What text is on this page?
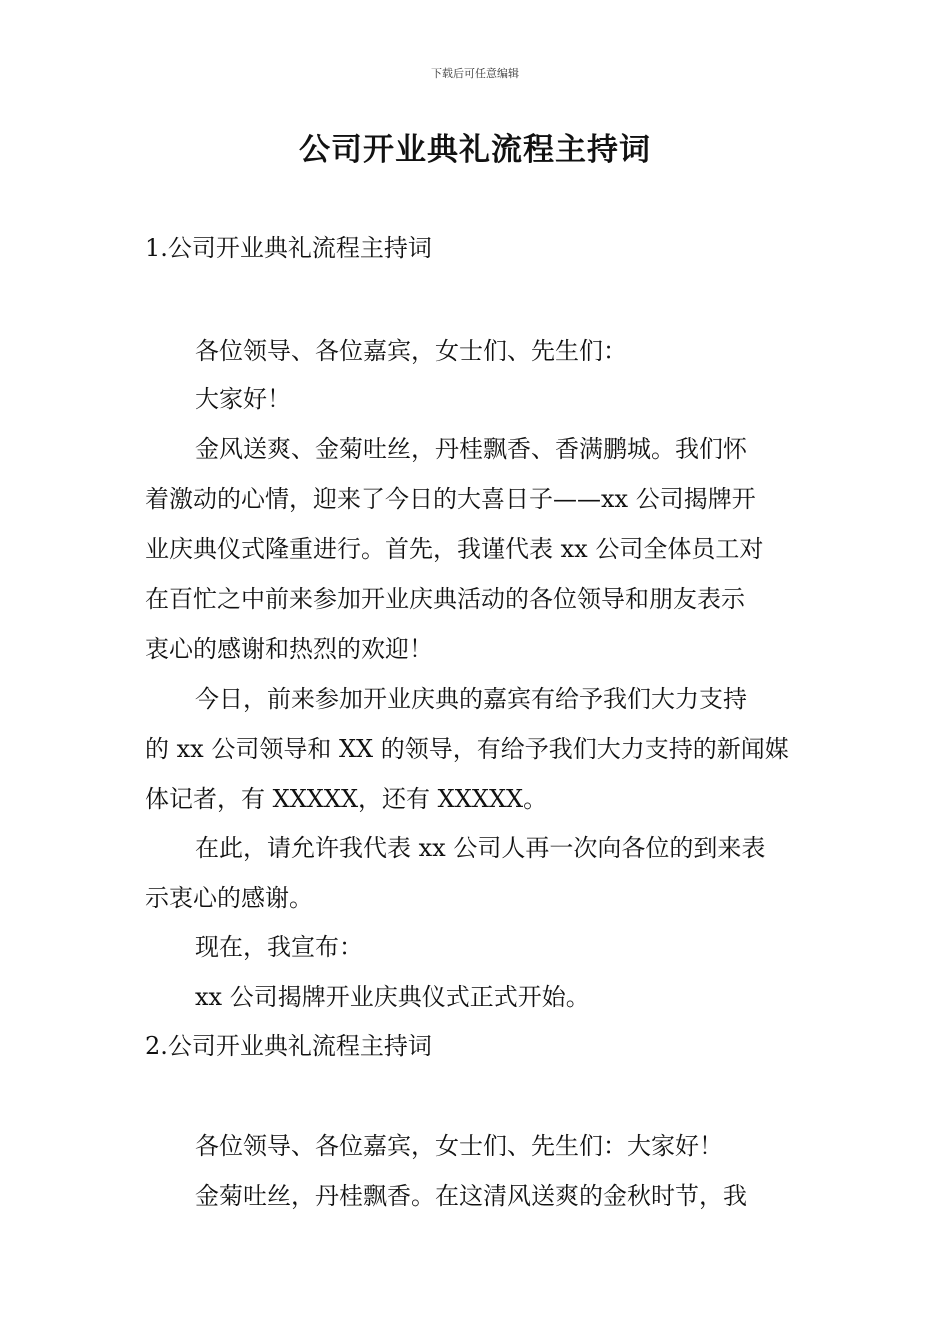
下载后可任意编辑
公司开业典礼流程主持词

1.公司开业典礼流程主持词

各位领导、各位嘉宾，女士们、先生们：

大家好！

金风送爽、金菊吐丝，丹桂飘香、香满鹏城。我们怀

着激动的心情，迎来了今日的大喜日子——xx 公司揭牌开

业庆典仪式隆重进行。首先，我谨代表 xx 公司全体员工对

在百忙之中前来参加开业庆典活动的各位领导和朋友表示

衷心的感谢和热烈的欢迎！

今日，前来参加开业庆典的嘉宾有给予我们大力支持

的 xx 公司领导和 XX 的领导，有给予我们大力支持的新闻媒

体记者，有 XXXXX，还有 XXXXX。

在此，请允许我代表 xx 公司人再一次向各位的到来表

示衷心的感谢。

现在，我宣布：

xx 公司揭牌开业庆典仪式正式开始。

2.公司开业典礼流程主持词

各位领导、各位嘉宾，女士们、先生们：大家好！

金菊吐丝，丹桂飘香。在这清风送爽的金秋时节，我
